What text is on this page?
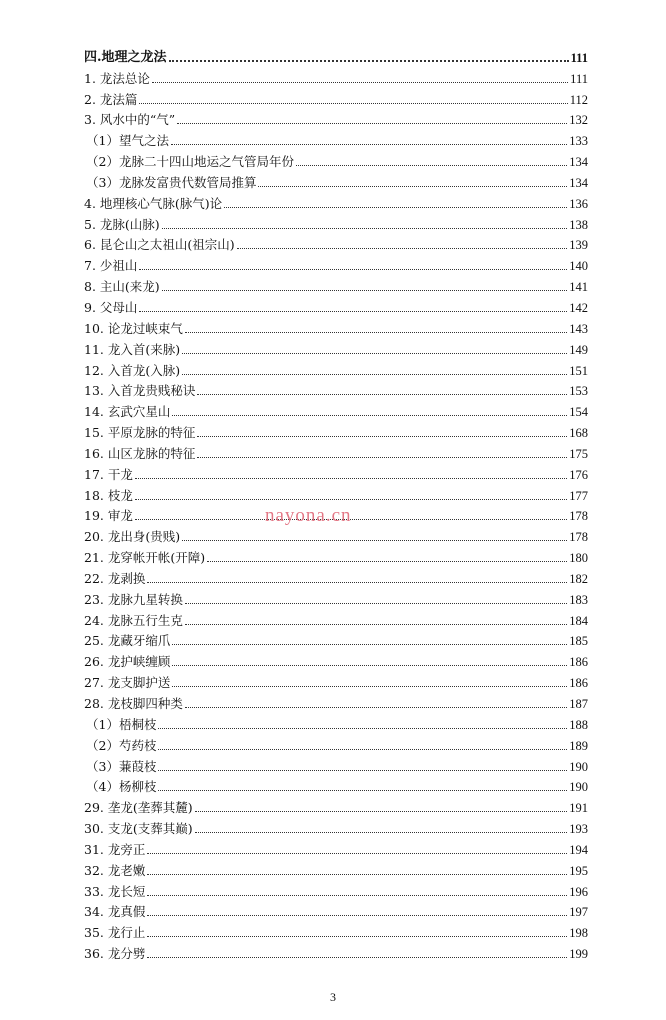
四.地理之龙法	111
1. 龙法总论	111
2. 龙法篇	112
3. 风水中的“气”	132
（1）望气之法	133
（2）龙脉二十四山地运之气管局年份	134
（3）龙脉发富贵代数管局推算	134
4. 地理核心气脉(脉气)论	136
5. 龙脉(山脉)	138
6. 昆仑山之太祖山(祖宗山)	139
7. 少祖山	140
8. 主山(来龙)	141
9. 父母山	142
10. 论龙过峡束气	143
11. 龙入首(来脉)	149
12. 入首龙(入脉)	151
13. 入首龙贵贱秘诀	153
14. 玄武穴星山	154
15. 平原龙脉的特征	168
16. 山区龙脉的特征	175
17. 干龙	176
18. 枝龙	177
19. 审龙	178
20. 龙出身(贵贱)	178
21. 龙穿帐开帐(开障)	180
22. 龙剥换	182
23. 龙脉九星转换	183
24. 龙脉五行生克	184
25. 龙藏牙缩爪	185
26. 龙护峡缠顾	186
27. 龙支脚护送	186
28. 龙枝脚四种类	187
（1）梧桐枝	188
（2）芍药枝	189
（3）蒹葭枝	190
（4）杨柳枝	190
29. 垄龙(垄葬其麓)	191
30. 支龙(支葬其巅)	193
31. 龙旁正	194
32. 龙老嫩	195
33. 龙长短	196
34. 龙真假	197
35. 龙行止	198
36. 龙分劈	199
nayona.cn
3
